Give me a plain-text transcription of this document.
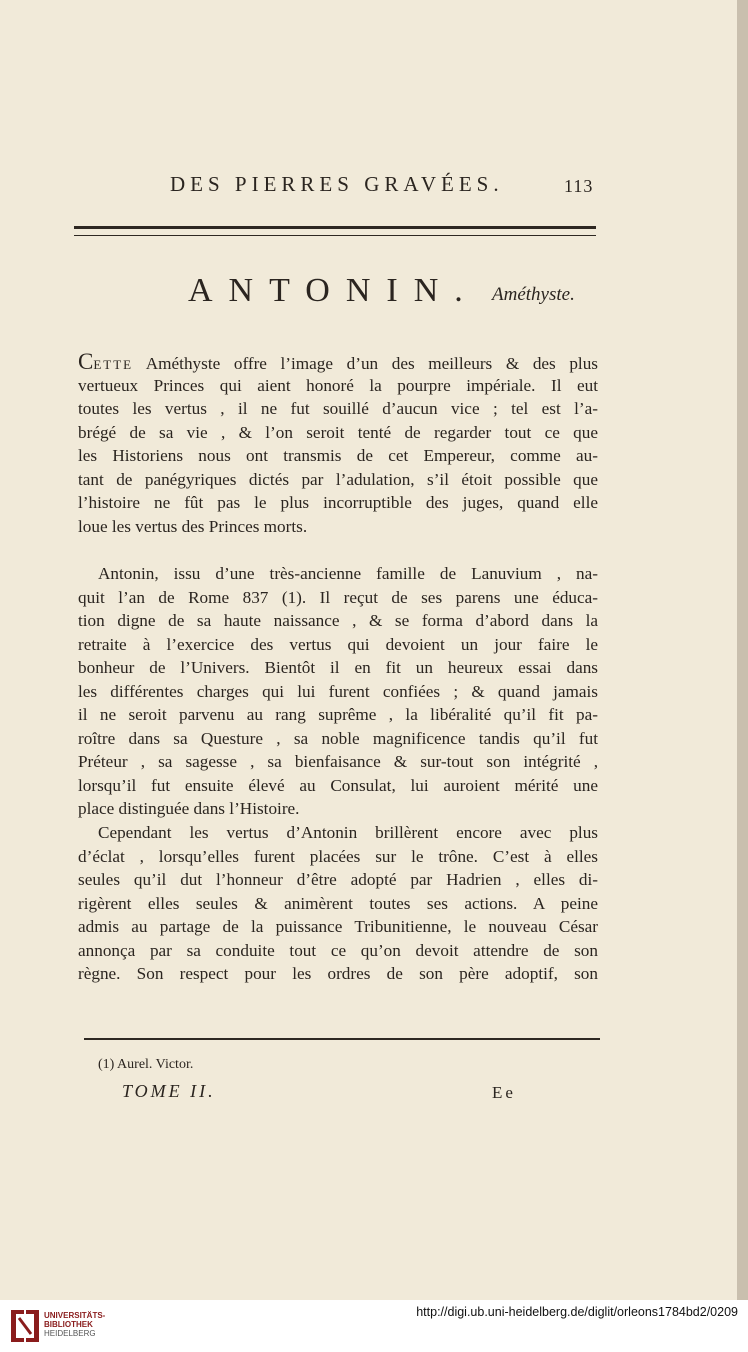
DES PIERRES GRAVÉES.	113
ANTONIN. Améthyste.
CETTE Améthyste offre l’image d’un des meilleurs & des plus
vertueux Princes qui aient honoré la pourpre impériale. Il eut
toutes les vertus , il ne fut souillé d’aucun vice ; tel est l’a-
brégé de sa vie , & l’on seroit tenté de regarder tout ce que
les Historiens nous ont transmis de cet Empereur, comme au-
tant de panégyriques dictés par l’adulation, s’il étoit possible que
l’histoire ne fût pas le plus incorruptible des juges, quand elle
loue les vertus des Princes morts.
Antonin, issu d’une très-ancienne famille de Lanuvium , na-
quit l’an de Rome 837 (1). Il reçut de ses parens une éduca-
tion digne de sa haute naissance , & se forma d’abord dans la
retraite à l’exercice des vertus qui devoient un jour faire le
bonheur de l’Univers. Bientôt il en fit un heureux essai dans
les différentes charges qui lui furent confiées ; & quand jamais
il ne seroit parvenu au rang suprême , la libéralité qu’il fit pa-
roître dans sa Questure , sa noble magnificence tandis qu’il fut
Préteur , sa sagesse , sa bienfaisance & sur-tout son intégrité ,
lorsqu’il fut ensuite élevé au Consulat, lui auroient mérité une
place distinguée dans l’Histoire.
Cependant les vertus d’Antonin brillèrent encore avec plus
d’éclat , lorsqu’elles furent placées sur le trône. C’est à elles
seules qu’il dut l’honneur d’être adopté par Hadrien , elles di-
rigèrent elles seules & animèrent toutes ses actions. A peine
admis au partage de la puissance Tribunitienne, le nouveau César
annonça par sa conduite tout ce qu’on devoit attendre de son
règne. Son respect pour les ordres de son père adoptif, son
(1) Aurel. Victor.
TOME II.	Ee
UNIVERSITÄTS-
BIBLIOTHEK
HEIDELBERG
http://digi.ub.uni-heidelberg.de/diglit/orleons1784bd2/0209
